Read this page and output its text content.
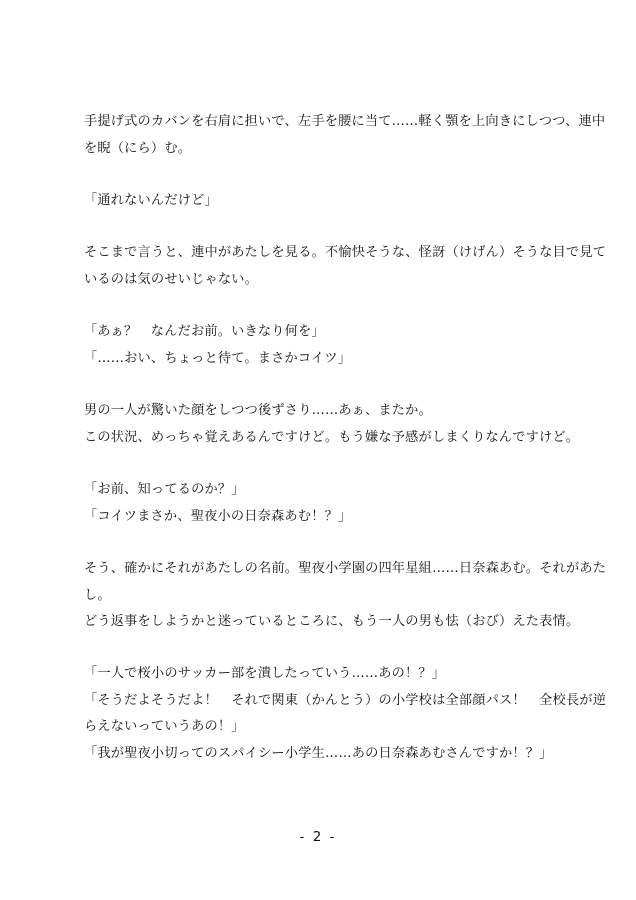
手提げ式のカバンを右肩に担いで、左手を腰に当て……軽く顎を上向きにしつつ、連中
を睨（にら）む。
「通れないんだけど」
そこまで言うと、連中があたしを見る。不愉快そうな、怪訝（けげん）そうな目で見て
いるのは気のせいじゃない。
「あぁ？　なんだお前。いきなり何を」
「……おい、ちょっと待て。まさかコイツ」
男の一人が驚いた顔をしつつ後ずさり……あぁ、またか。
この状況、めっちゃ覚えあるんですけど。もう嫌な予感がしまくりなんですけど。
「お前、知ってるのか？」
「コイツまさか、聖夜小の日奈森あむ！？」
そう、確かにそれがあたしの名前。聖夜小学園の四年星組……日奈森あむ。それがあた
し。
どう返事をしようかと迷っているところに、もう一人の男も怯（おび）えた表情。
「一人で桜小のサッカー部を潰したっていう……あの！？」
「そうだよそうだよ！　それで関東（かんとう）の小学校は全部顔パス！　全校長が逆
らえないっていうあの！」
「我が聖夜小切ってのスパイシー小学生……あの日奈森あむさんですか！？」
- 2 -
